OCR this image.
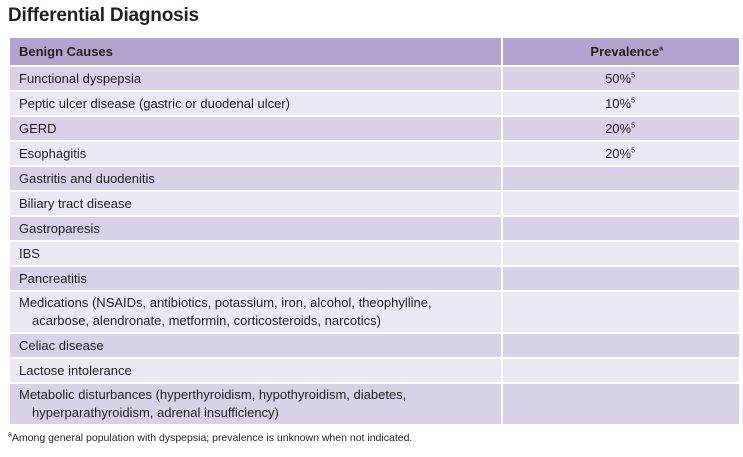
Differential Diagnosis
Benign Causes	Prevalence$^a$
Functional dyspepsia	50%$^5$
Peptic ulcer disease (gastric or duodenal ulcer)	10%$^5$
GERD	20%$^5$
Esophagitis	20%$^5$
Gastritis and duodenitis	
Biliary tract disease	
Gastroparesis	
IBS	
Pancreatitis	
Medications (NSAIDs, antibiotics, potassium, iron, alcohol, theophylline,
acarbose, alendronate, metformin, corticosteroids, narcotics)	

Celiac disease	
Lactose intolerance	
Metabolic disturbances (hyperthyroidism, hypothyroidism, diabetes,
hyperparathyroidism, adrenal insufficiency)	

$^a$Among general population with dyspepsia; prevalence is unknown when not indicated.
